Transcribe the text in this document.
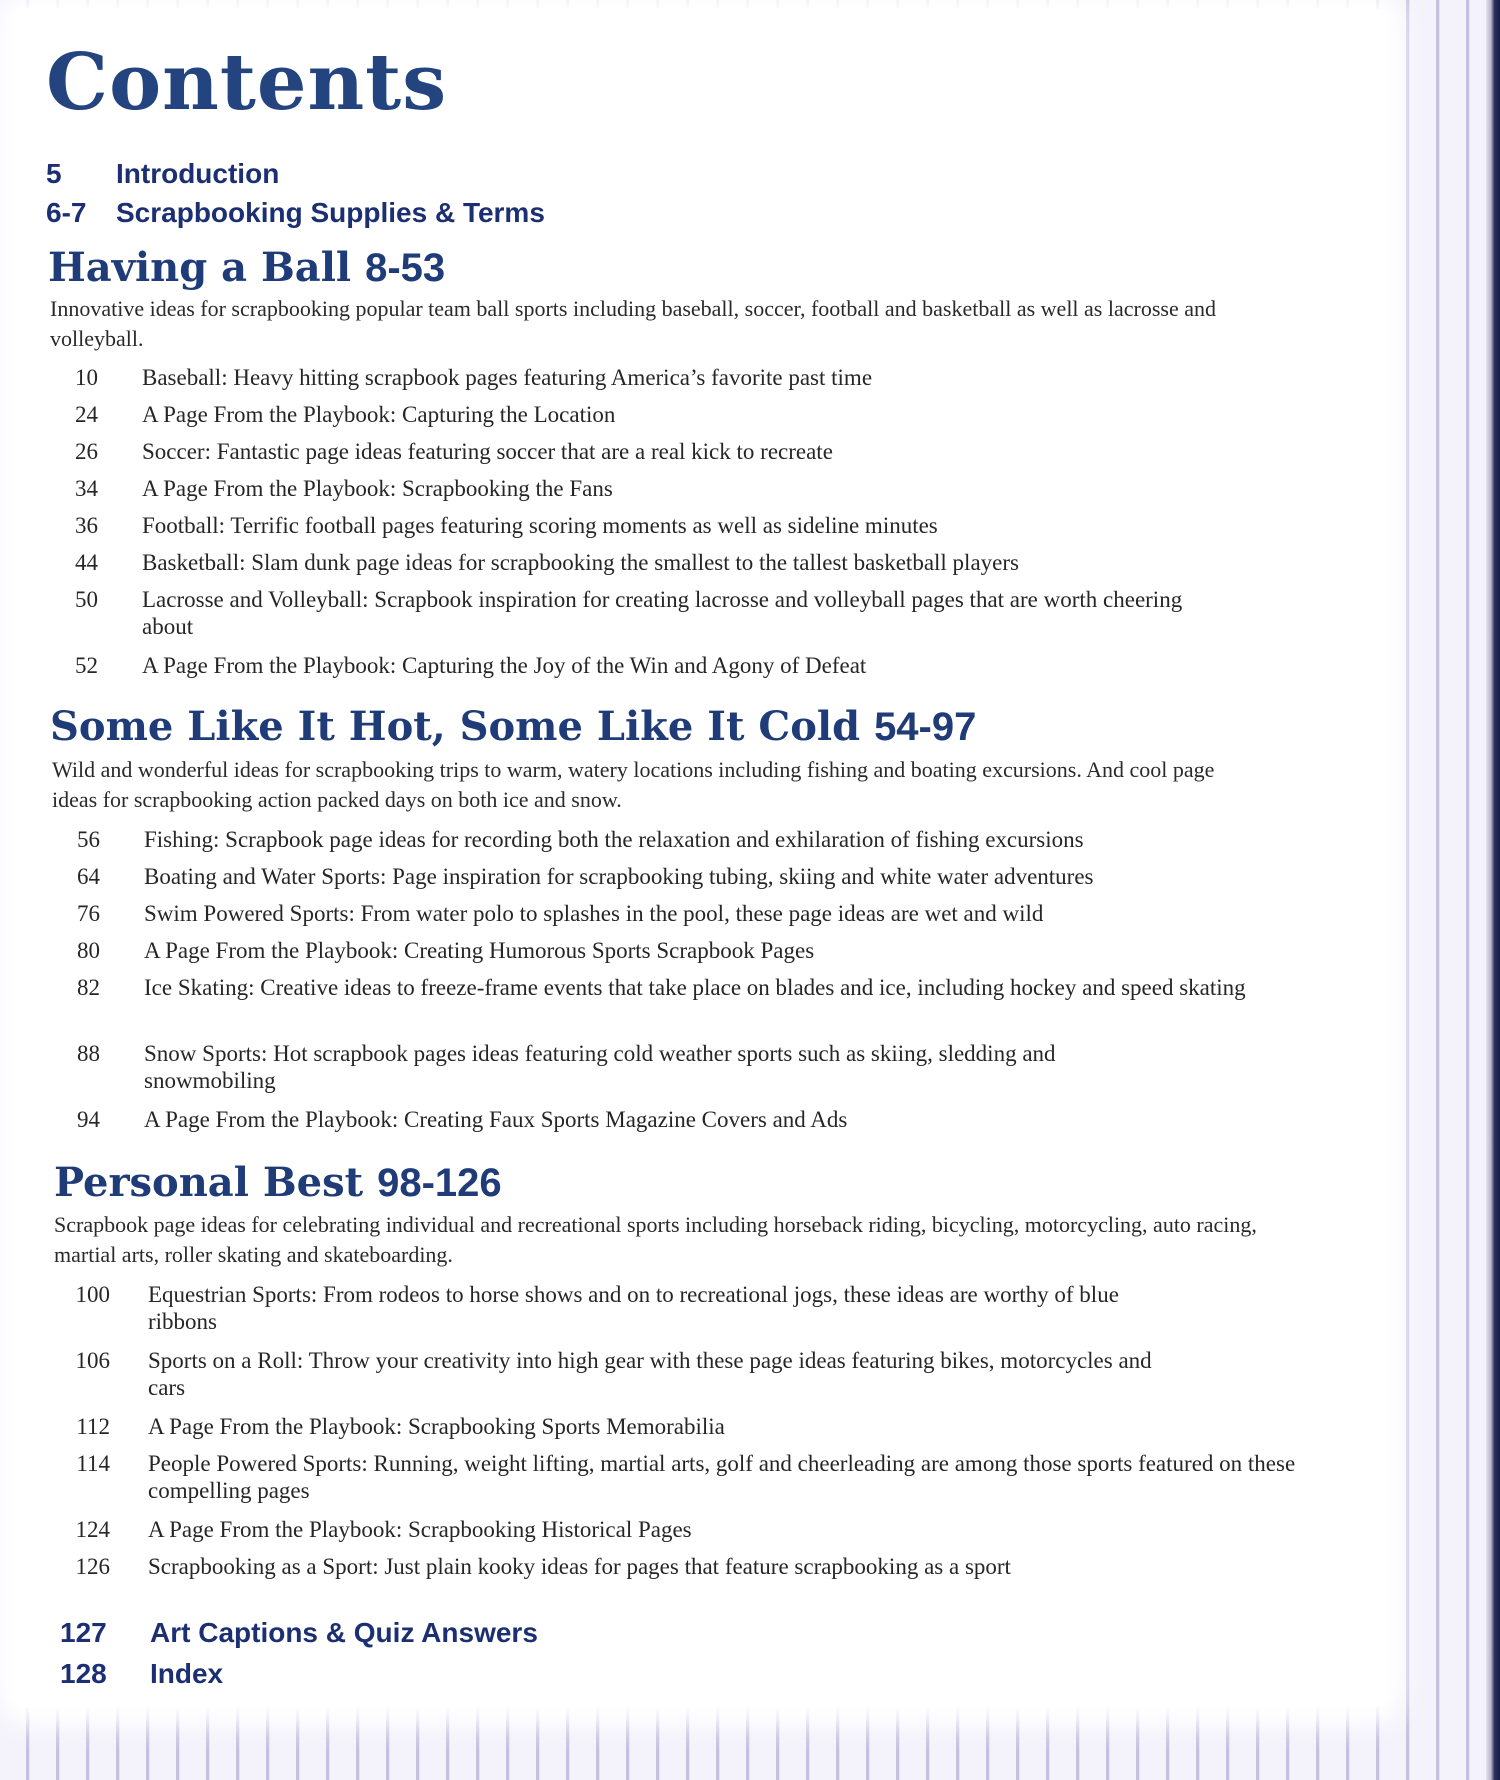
Contents
5 Introduction
6-7 Scrapbooking Supplies & Terms
Having a Ball 8-53

Innovative ideas for scrapbooking popular team ball sports including baseball, soccer, football and basketball as well as lacrosse and volleyball.

10 Baseball: Heavy hitting scrapbook pages featuring America’s favorite past time
24 A Page From the Playbook: Capturing the Location
26 Soccer: Fantastic page ideas featuring soccer that are a real kick to recreate
34 A Page From the Playbook: Scrapbooking the Fans
36 Football: Terrific football pages featuring scoring moments as well as sideline minutes
44 Basketball: Slam dunk page ideas for scrapbooking the smallest to the tallest basketball players
50 Lacrosse and Volleyball: Scrapbook inspiration for creating lacrosse and volleyball pages that are worth cheering about
52 A Page From the Playbook: Capturing the Joy of the Win and Agony of Defeat
Some Like It Hot, Some Like It Cold 54-97

Wild and wonderful ideas for scrapbooking trips to warm, watery locations including fishing and boating excursions. And cool page ideas for scrapbooking action packed days on both ice and snow.

56 Fishing: Scrapbook page ideas for recording both the relaxation and exhilaration of fishing excursions
64 Boating and Water Sports: Page inspiration for scrapbooking tubing, skiing and white water adventures
76 Swim Powered Sports: From water polo to splashes in the pool, these page ideas are wet and wild
80 A Page From the Playbook: Creating Humorous Sports Scrapbook Pages
82 Ice Skating: Creative ideas to freeze-frame events that take place on blades and ice, including hockey and speed skating
88 Snow Sports: Hot scrapbook pages ideas featuring cold weather sports such as skiing, sledding and snowmobiling
94 A Page From the Playbook: Creating Faux Sports Magazine Covers and Ads
Personal Best 98-126

Scrapbook page ideas for celebrating individual and recreational sports including horseback riding, bicycling, motorcycling, auto racing, martial arts, roller skating and skateboarding.

100 Equestrian Sports: From rodeos to horse shows and on to recreational jogs, these ideas are worthy of blue ribbons
106 Sports on a Roll: Throw your creativity into high gear with these page ideas featuring bikes, motorcycles and cars
112 A Page From the Playbook: Scrapbooking Sports Memorabilia
114 People Powered Sports: Running, weight lifting, martial arts, golf and cheerleading are among those sports featured on these compelling pages
124 A Page From the Playbook: Scrapbooking Historical Pages
126 Scrapbooking as a Sport: Just plain kooky ideas for pages that feature scrapbooking as a sport
127 Art Captions & Quiz Answers
128 Index
